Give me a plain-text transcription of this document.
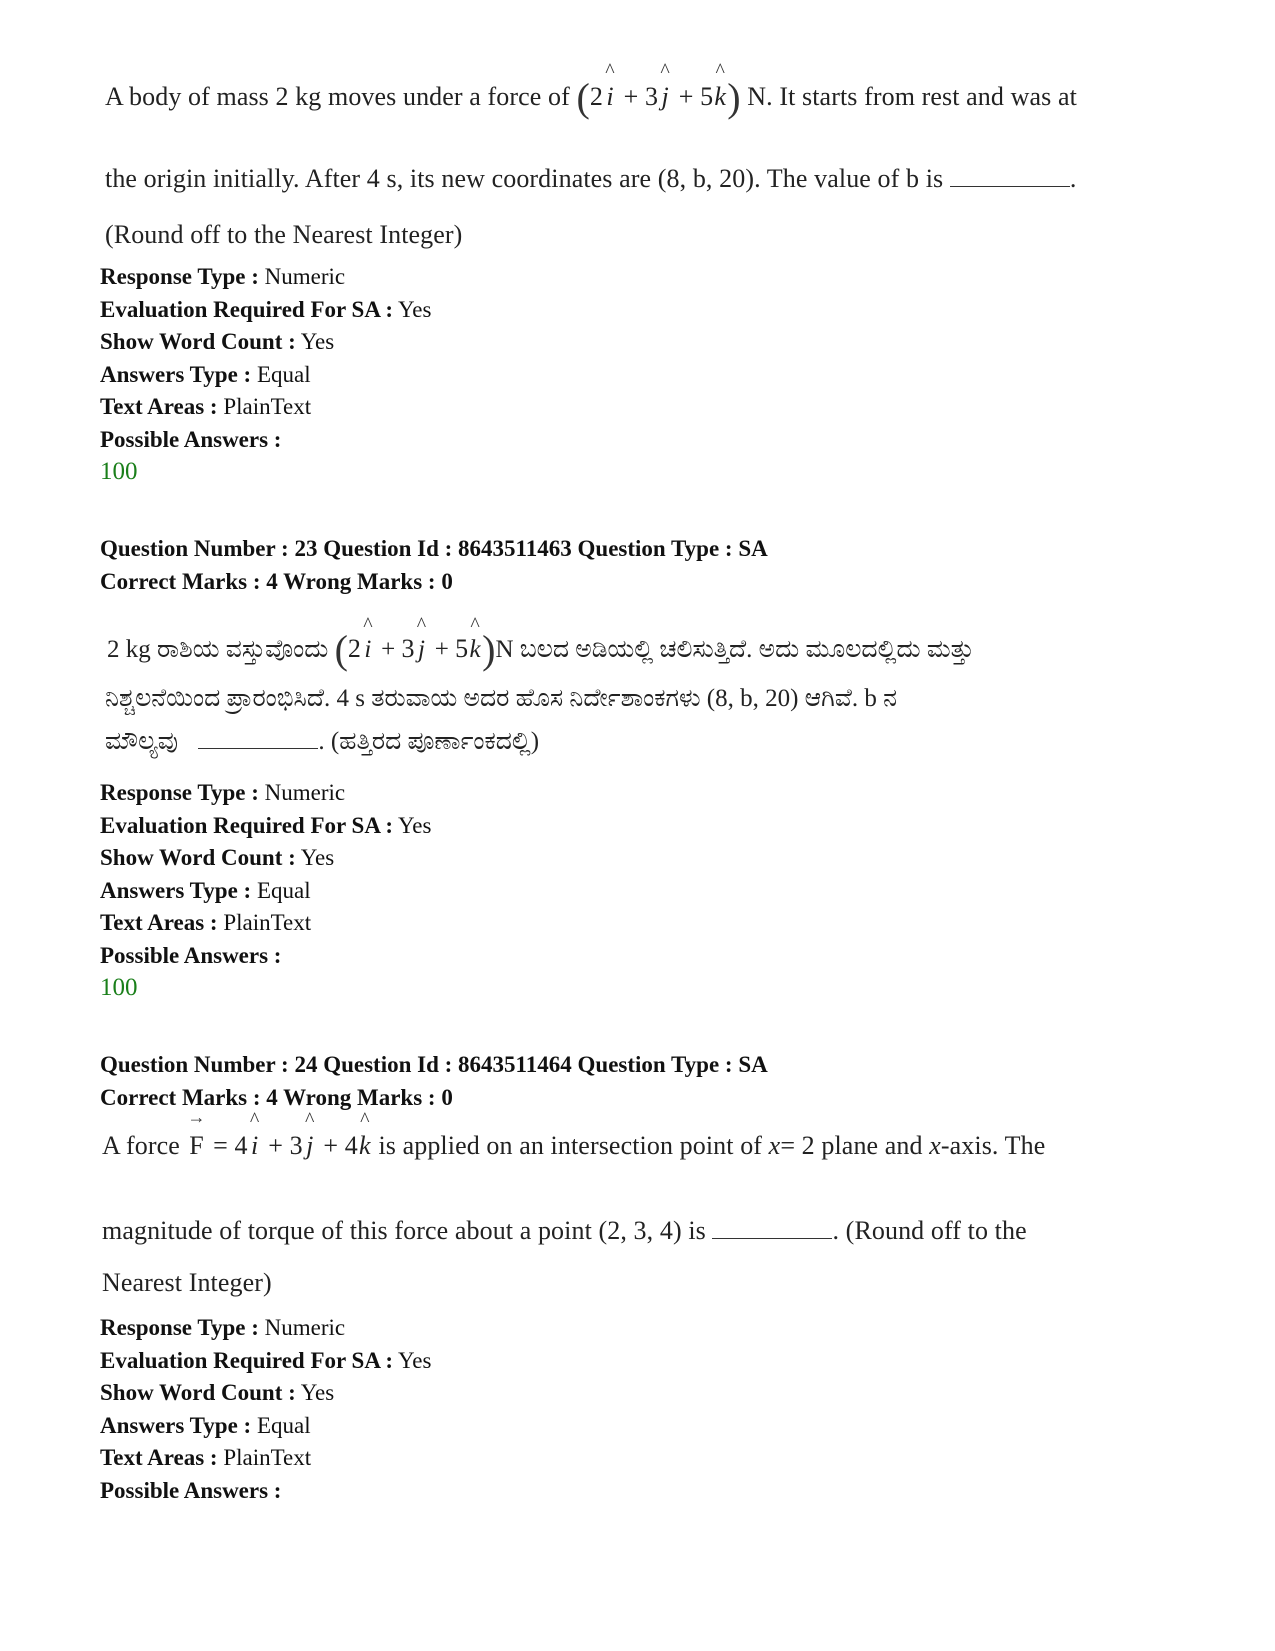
A body of mass 2 kg moves under a force of (2
^
i + 3
^
j + 5
^
k) N. It starts from rest and was at
the origin initially. After 4 s, its new coordinates are (8, b, 20). The value of b is	.
(Round off to the Nearest Integer)
Response Type : Numeric
Evaluation Required For SA : Yes
Show Word Count : Yes
Answers Type : Equal
Text Areas : PlainText
Possible Answers :
100
Question Number : 23 Question Id : 8643511463 Question Type : SA
Correct Marks : 4 Wrong Marks : 0
2 kg ರಾಶಿಯ ವಸ್ತುವೊಂದು (2
^
i + 3
^
j + 5
^
k)N ಬಲದ ಅಡಿಯಲ್ಲಿ ಚಲಿಸುತ್ತಿದೆ. ಅದು ಮೂಲದಲ್ಲಿದು ಮತ್ತು
ನಿಶ್ಚಲನೆಯಿಂದ ಪ್ರಾರಂಭಿಸಿದೆ. 4 s ತರುವಾಯ ಅದರ ಹೊಸ ನಿರ್ದೇಶಾಂಕಗಳು (8, b, 20) ಆಗಿವೆ. b ನ
ಮೌಲ್ಯವು	. (ಹತ್ತಿರದ ಪೂರ್ಣಾಂಕದಲ್ಲಿ)
Response Type : Numeric
Evaluation Required For SA : Yes
Show Word Count : Yes
Answers Type : Equal
Text Areas : PlainText
Possible Answers :
100
Question Number : 24 Question Id : 8643511464 Question Type : SA
Correct Marks : 4 Wrong Marks : 0
A force
→
F = 4
^
i + 3
^
j + 4
^
k is applied on an intersection point of x= 2 plane and x-axis. The
magnitude of torque of this force about a point (2, 3, 4) is	. (Round off to the
Nearest Integer)
Response Type : Numeric
Evaluation Required For SA : Yes
Show Word Count : Yes
Answers Type : Equal
Text Areas : PlainText
Possible Answers :
